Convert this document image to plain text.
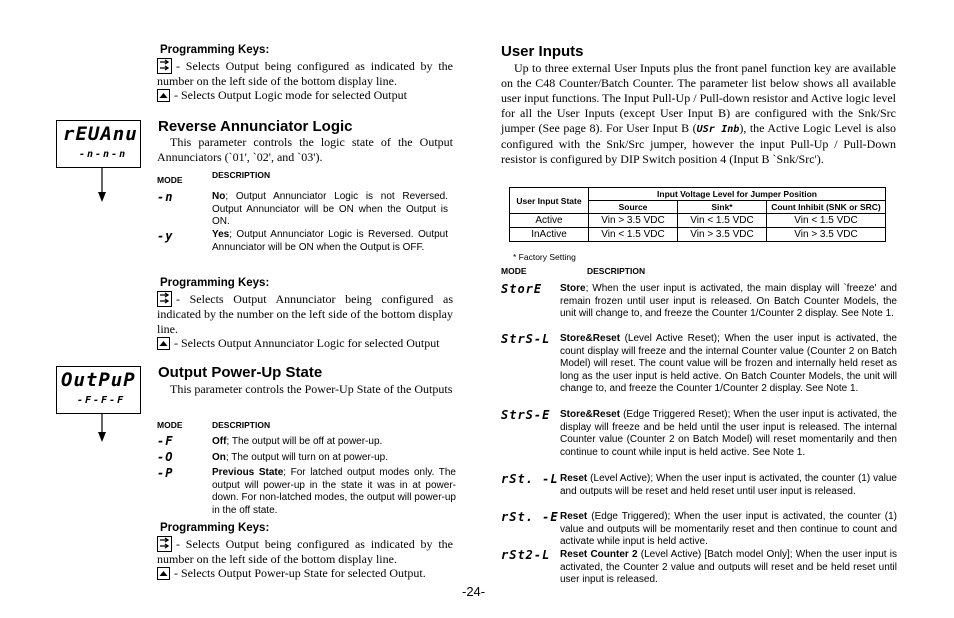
Programming Keys:
- Selects Output being configured as indicated by the number on the left side of the bottom display line.
- Selects Output Logic mode for selected Output
rEUAnu
-n-n-n
Reverse Annunciator Logic
This parameter controls the logic state of the Output Annunciators (`01', `02', and `03').
MODE	DESCRIPTION
-n	No; Output Annunciator Logic is not Reversed. Output Annunciator will be ON when the Output is ON.
-y	Yes; Output Annunciator Logic is Reversed. Output Annunciator will be ON when the Output is OFF.
Programming Keys:
- Selects Output Annunciator being configured as indicated by the number on the left side of the bottom display line.
- Selects Output Annunciator Logic for selected Output
OutPuP
-F-F-F
Output Power-Up State
This parameter controls the Power-Up State of the Outputs
MODE	DESCRIPTION
-F	Off; The output will be off at power-up.
-O	On; The output will turn on at power-up.
-P	Previous State; For latched output modes only. The output will power-up in the state it was in at power-down. For non-latched modes, the output will power-up in the off state.
Programming Keys:
- Selects Output being configured as indicated by the number on the left side of the bottom display line.
- Selects Output Power-up State for selected Output.
User Inputs
Up to three external User Inputs plus the front panel function key are available on the C48 Counter/Batch Counter. The parameter list below shows all available user input functions. The Input Pull-Up / Pull-down resistor and Active logic level for all the User Inputs (except User Input B) are configured with the Snk/Src jumper (See page 8). For User Input B (USr Inb), the Active Logic Level is also configured with the Snk/Src jumper, however the input Pull-Up / Pull-Down resistor is configured by DIP Switch position 4 (Input B `Snk/Src').
User Input State	Input Voltage Level for Jumper Position		
	Source	Sink*	Count Inhibit (SNK or SRC)
Active	Vin > 3.5 VDC	Vin < 1.5 VDC	Vin < 1.5 VDC
InActive	Vin < 1.5 VDC	Vin > 3.5 VDC	Vin > 3.5 VDC
* Factory Setting
MODE	DESCRIPTION
StorE Store; When the user input is activated, the main display will `freeze' and remain frozen until user input is released. On Batch Counter Models, the unit will change to, and freeze the Counter 1/Counter 2 display. See Note 1.
StrS-L Store&Reset (Level Active Reset); When the user input is activated, the count display will freeze and the internal Counter value (Counter 2 on Batch Model) will reset. The count value will be frozen and internally held reset as long as the user input is held active. On Batch Counter Models, the unit will change to, and freeze the Counter 1/Counter 2 display. See Note 1.
StrS-E Store&Reset (Edge Triggered Reset); When the user input is activated, the display will freeze and be held until the user input is released. The internal Counter value (Counter 2 on Batch Model) will reset momentarily and then continue to count while input is held active. See Note 1.
rSt. -L Reset (Level Active); When the user input is activated, the counter (1) value and outputs will be reset and held reset until user input is released.
rSt. -E Reset (Edge Triggered); When the user input is activated, the counter (1) value and outputs will be momentarily reset and then continue to count and activate while input is held active.
rSt2-L Reset Counter 2 (Level Active) [Batch model Only]; When the user input is activated, the Counter 2 value and outputs will reset and be held reset until user input is released.
-24-
